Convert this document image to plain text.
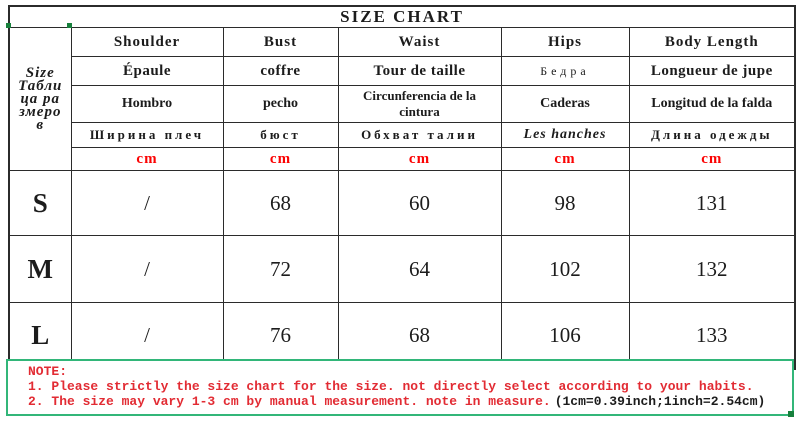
SIZE CHART					

Size
Табли
ца ра
змеро
в	Shoulder	Bust	Waist	Hips	Body Length
	Épaule	coffre	Tour de taille	Бедра	Longueur de jupe
	Hombro	pecho	Circunferencia de la cintura	Caderas	Longitud de la falda
	Ширина плеч	бюст	Обхват талии	Les hanches	Длина одежды
	cm	cm	cm	cm	cm
S	/	68	60	98	131
M	/	72	64	102	132
L	/	76	68	106	133
NOTE:
1. Please strictly the size chart for the size. not directly select according to your habits.
2. The size may vary 1-3 cm by manual measurement. note in measure. (1cm=0.39inch;1inch=2.54cm)
